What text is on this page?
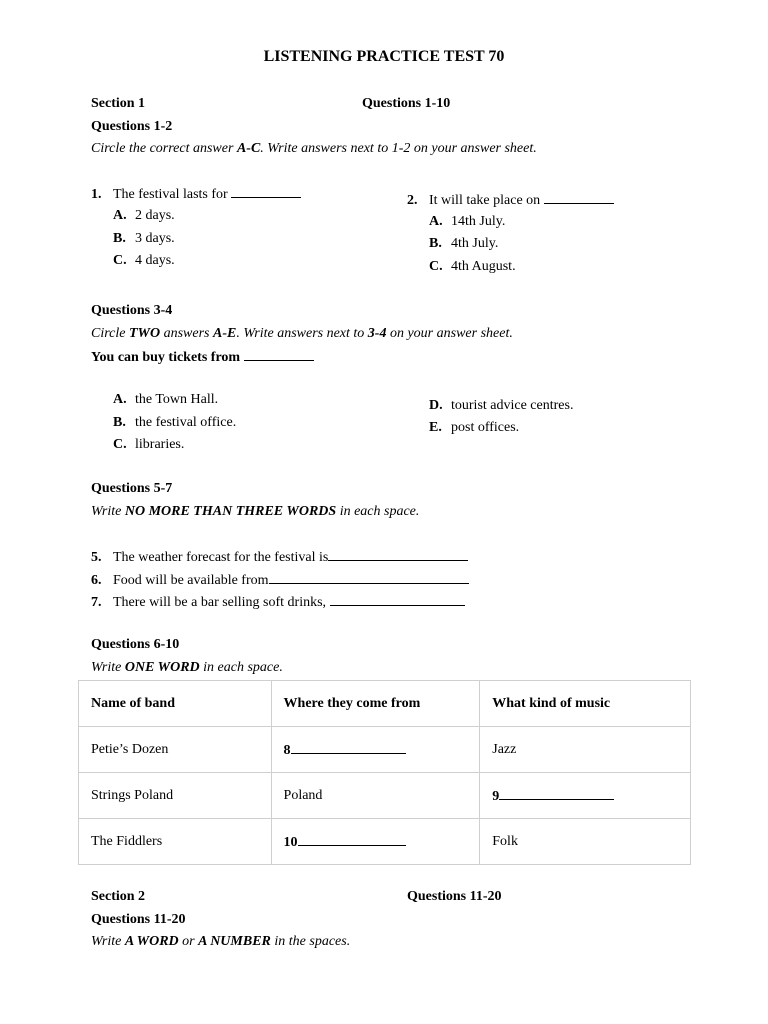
LISTENING PRACTICE TEST 70
Section 1	Questions 1-10
Questions 1-2
Circle the correct answer A-C. Write answers next to 1-2 on your answer sheet.
1. The festival lasts for
A. 2 days.
B. 3 days.
C. 4 days.
2. It will take place on
A. 14th July.
B. 4th July.
C. 4th August.
Questions 3-4
Circle TWO answers A-E. Write answers next to 3-4 on your answer sheet.
You can buy tickets from
A. the Town Hall.
B. the festival office.
C. libraries.
D. tourist advice centres.
E. post offices.
Questions 5-7
Write NO MORE THAN THREE WORDS in each space.
5. The weather forecast for the festival is
6. Food will be available from
7. There will be a bar selling soft drinks,
Questions 6-10
Write ONE WORD in each space.
Name of band	Where they come from	What kind of music
Petie’s Dozen	8	Jazz
Strings Poland	Poland	9
The Fiddlers	10	Folk
Section 2	Questions 11-20
Questions 11-20
Write A WORD or A NUMBER in the spaces.
